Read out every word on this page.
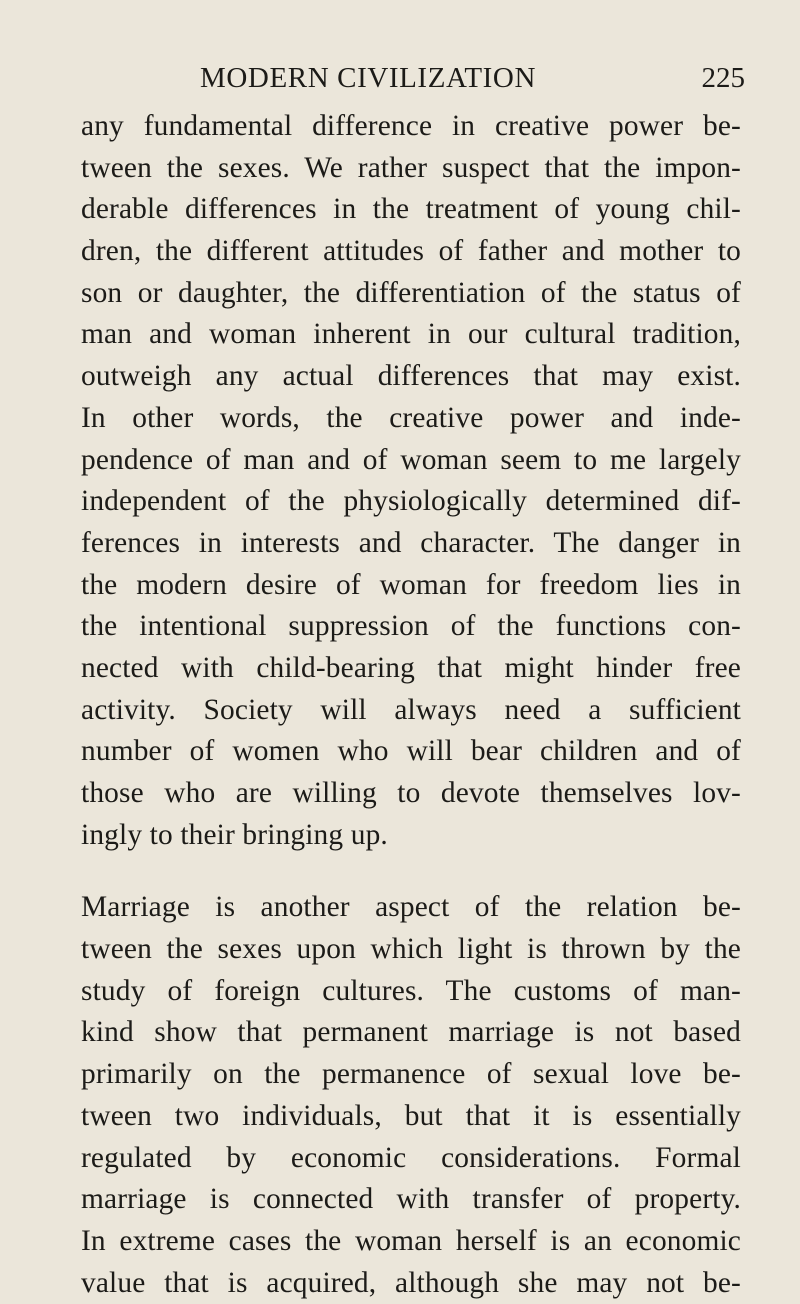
MODERN CIVILIZATION	225
any fundamental difference in creative power be-
tween the sexes. We rather suspect that the impon-
derable differences in the treatment of young chil-
dren, the different attitudes of father and mother to
son or daughter, the differentiation of the status of
man and woman inherent in our cultural tradition,
outweigh any actual differences that may exist.
In other words, the creative power and inde-
pendence of man and of woman seem to me largely
independent of the physiologically determined dif-
ferences in interests and character. The danger in
the modern desire of woman for freedom lies in
the intentional suppression of the functions con-
nected with child-bearing that might hinder free
activity. Society will always need a sufficient
number of women who will bear children and of
those who are willing to devote themselves lov-
ingly to their bringing up.
Marriage is another aspect of the relation be-
tween the sexes upon which light is thrown by the
study of foreign cultures. The customs of man-
kind show that permanent marriage is not based
primarily on the permanence of sexual love be-
tween two individuals, but that it is essentially
regulated by economic considerations. Formal
marriage is connected with transfer of property.
In extreme cases the woman herself is an economic
value that is acquired, although she may not be-
